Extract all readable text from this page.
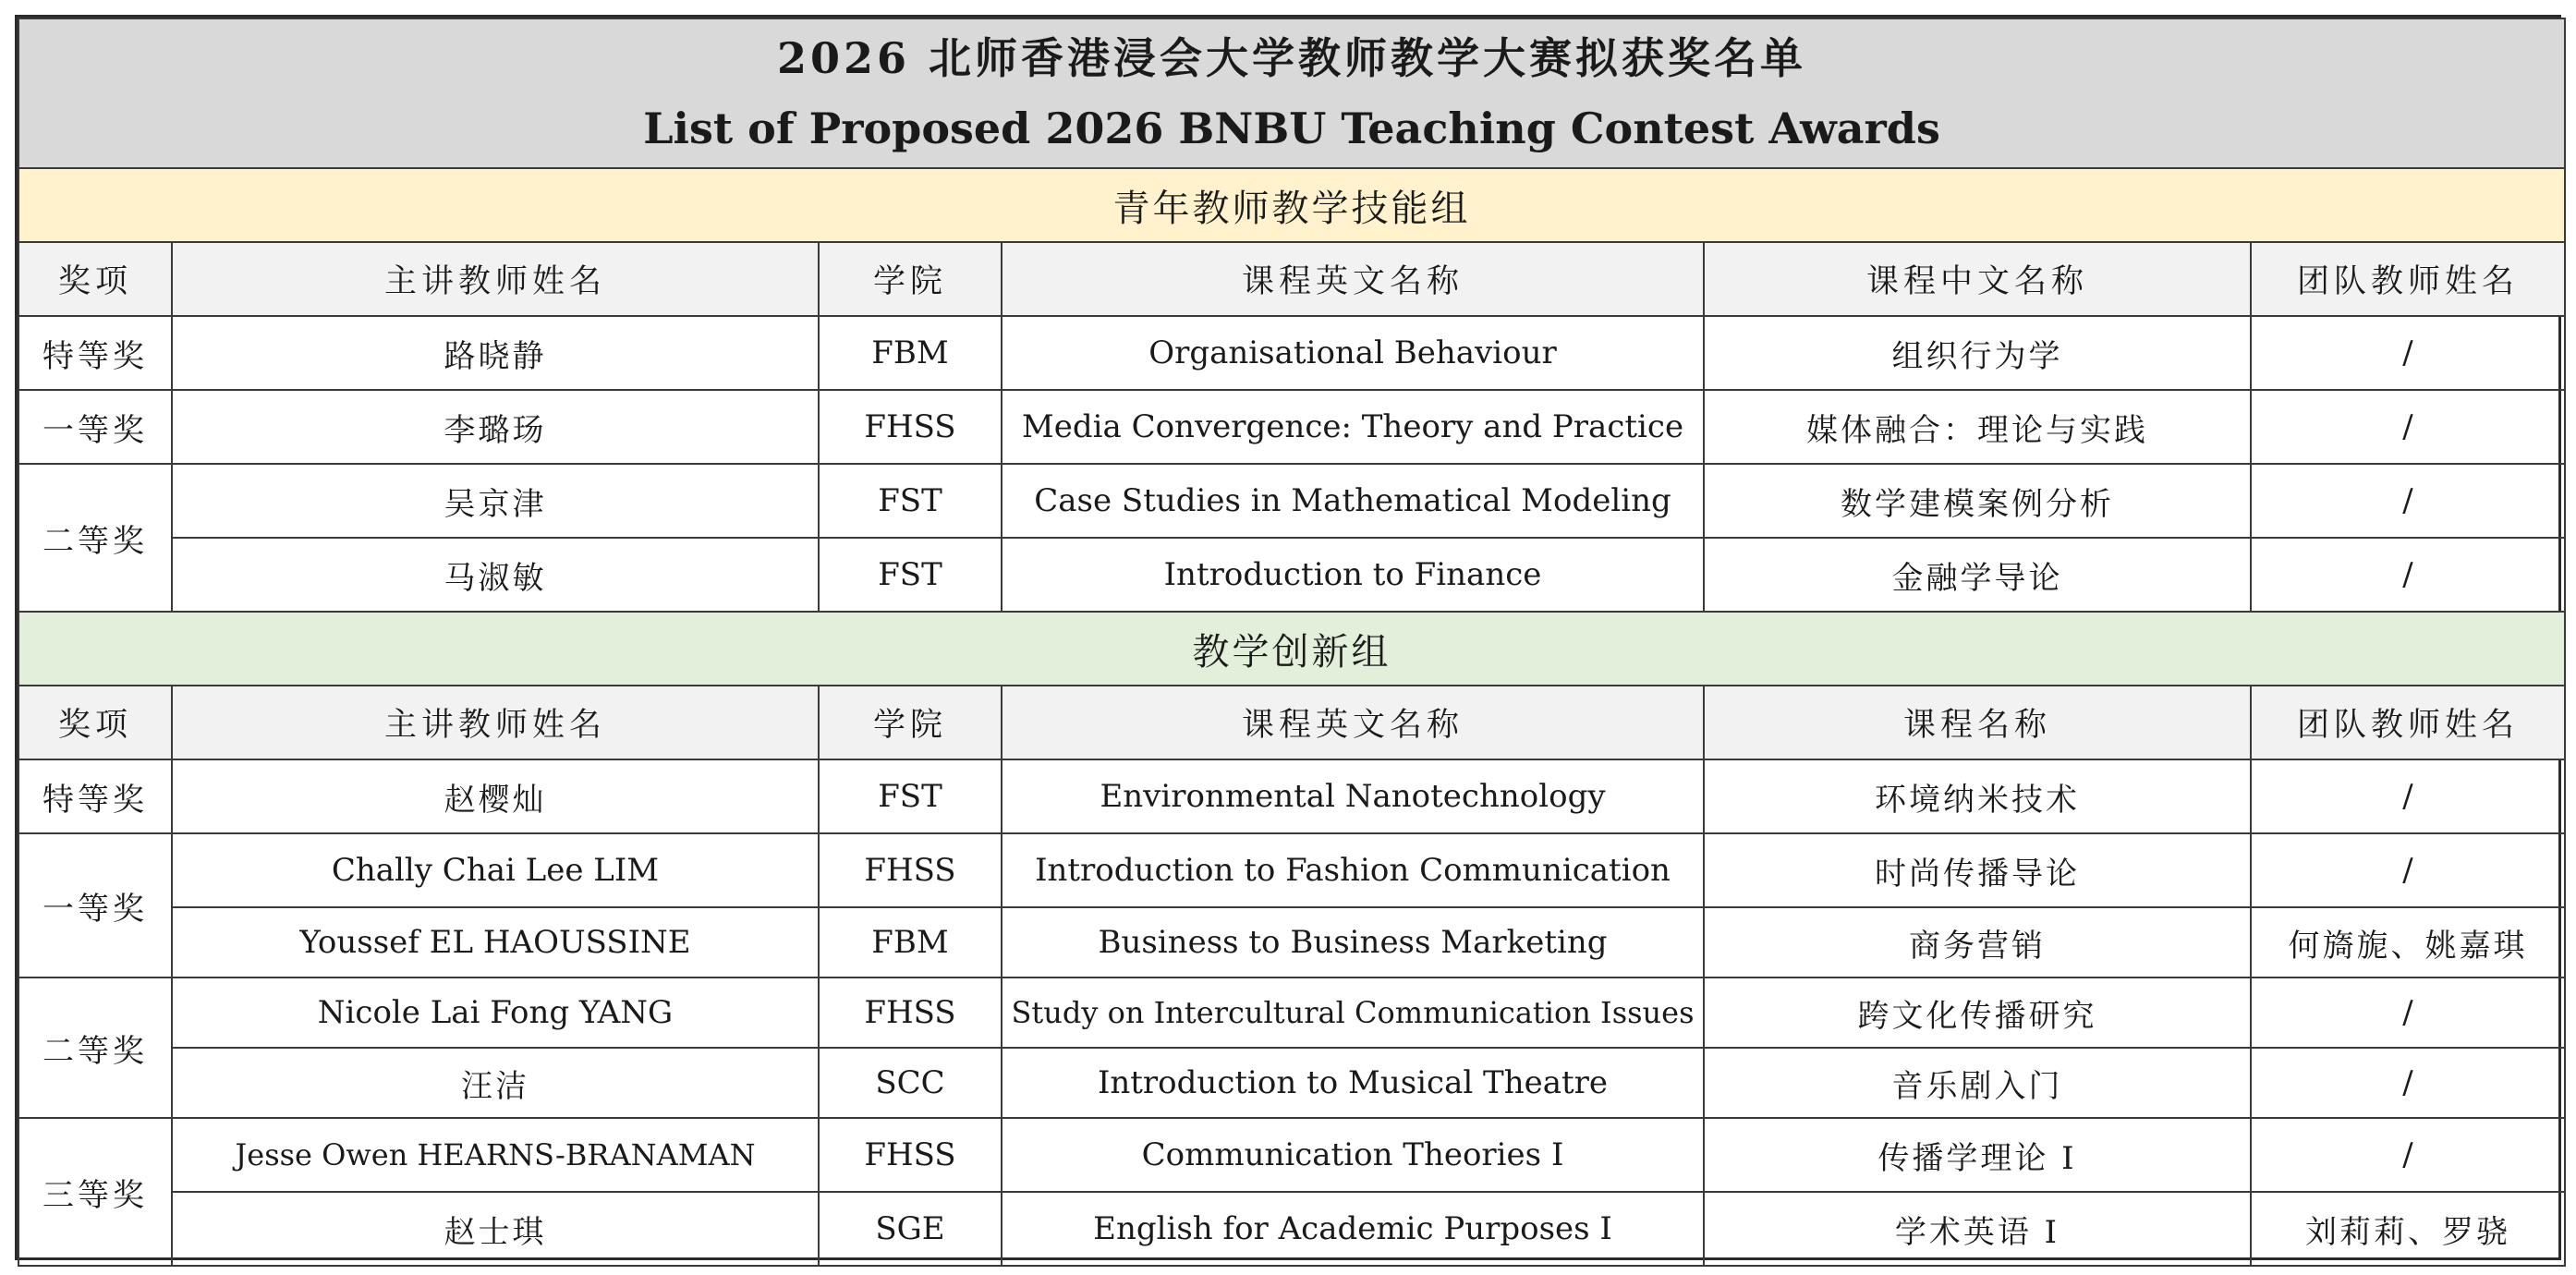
2026 北师香港浸会大学教师教学大赛拟获奖名单
List of Proposed 2026 BNBU Teaching Contest Awards					

青年教师教学技能组					
奖项	主讲教师姓名	学院	课程英文名称	课程中文名称	团队教师姓名
特等奖	路晓静	FBM	Organisational Behaviour	组织行为学	/
一等奖	李璐玚	FHSS	Media Convergence: Theory and Practice	媒体融合：理论与实践	/
二等奖	吴京津	FST	Case Studies in Mathematical Modeling	数学建模案例分析	/
	马淑敏	FST	Introduction to Finance	金融学导论	/
教学创新组					
奖项	主讲教师姓名	学院	课程英文名称	课程名称	团队教师姓名
特等奖	赵樱灿	FST	Environmental Nanotechnology	环境纳米技术	/
一等奖	Chally Chai Lee LIM	FHSS	Introduction to Fashion Communication	时尚传播导论	/
	Youssef EL HAOUSSINE	FBM	Business to Business Marketing	商务营销	何旖旎、姚嘉琪
二等奖	Nicole Lai Fong YANG	FHSS	Study on Intercultural Communication Issues	跨文化传播研究	/
	汪洁	SCC	Introduction to Musical Theatre	音乐剧入门	/
三等奖	Jesse Owen HEARNS-BRANAMAN	FHSS	Communication Theories I	传播学理论 I	/
	赵士琪	SGE	English for Academic Purposes I	学术英语 I	刘莉莉、罗骁
